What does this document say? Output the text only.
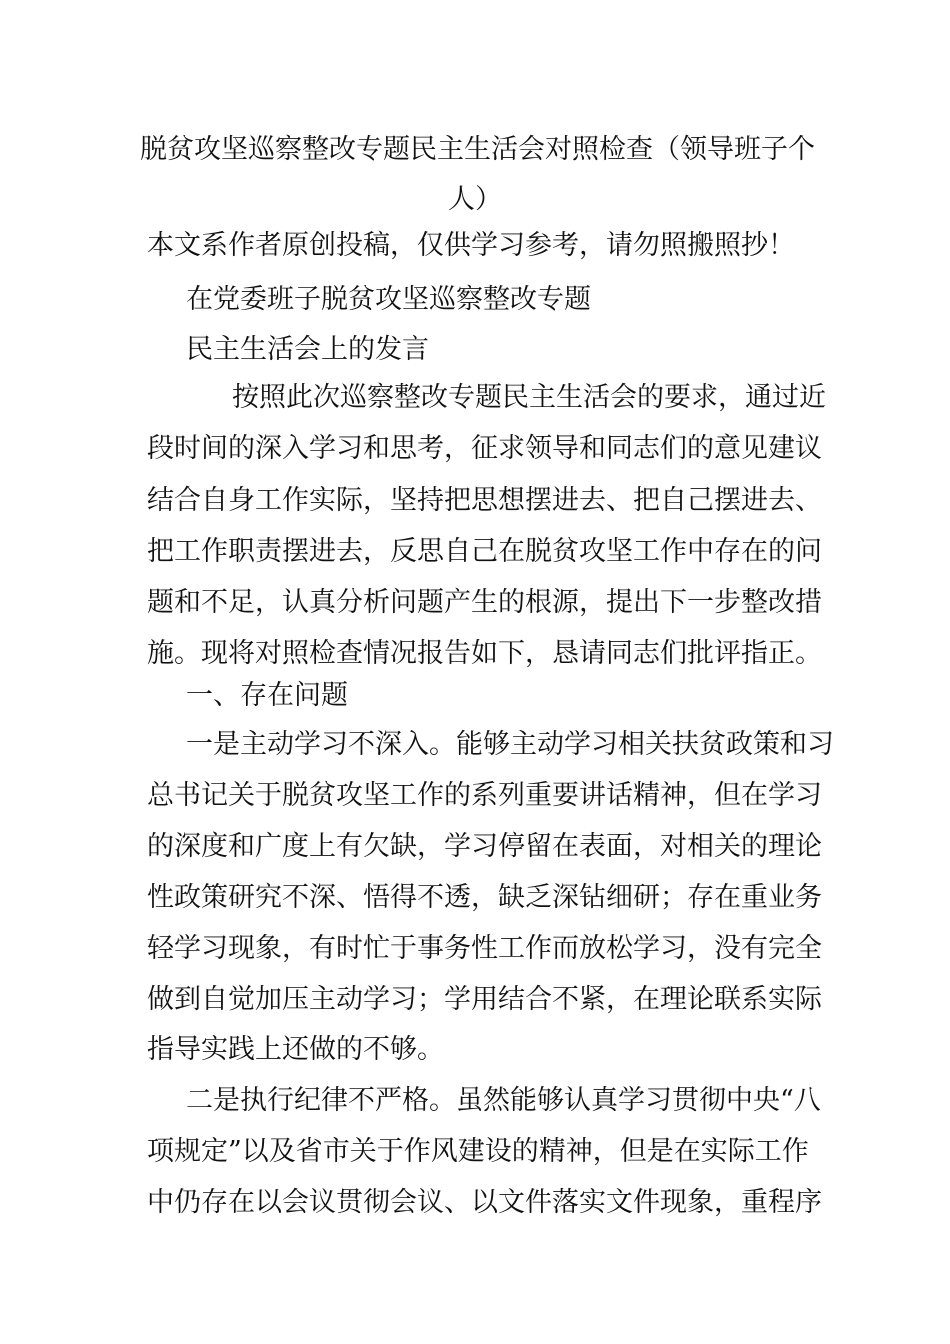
脱贫攻坚巡察整改专题民主生活会对照检查（领导班子个
人）
本文系作者原创投稿，仅供学习参考，请勿照搬照抄！
在党委班子脱贫攻坚巡察整改专题
民主生活会上的发言
按照此次巡察整改专题民主生活会的要求，通过近
段时间的深入学习和思考，征求领导和同志们的意见建议
结合自身工作实际，坚持把思想摆进去、把自己摆进去、
把工作职责摆进去，反思自己在脱贫攻坚工作中存在的问
题和不足，认真分析问题产生的根源，提出下一步整改措
施。现将对照检查情况报告如下，恳请同志们批评指正。
一、存在问题
一是主动学习不深入。能够主动学习相关扶贫政策和习
总书记关于脱贫攻坚工作的系列重要讲话精神，但在学习
的深度和广度上有欠缺，学习停留在表面，对相关的理论
性政策研究不深、悟得不透，缺乏深钻细研；存在重业务
轻学习现象，有时忙于事务性工作而放松学习，没有完全
做到自觉加压主动学习；学用结合不紧，在理论联系实际
指导实践上还做的不够。
二是执行纪律不严格。虽然能够认真学习贯彻中央“八
项规定”以及省市关于作风建设的精神，但是在实际工作
中仍存在以会议贯彻会议、以文件落实文件现象，重程序
